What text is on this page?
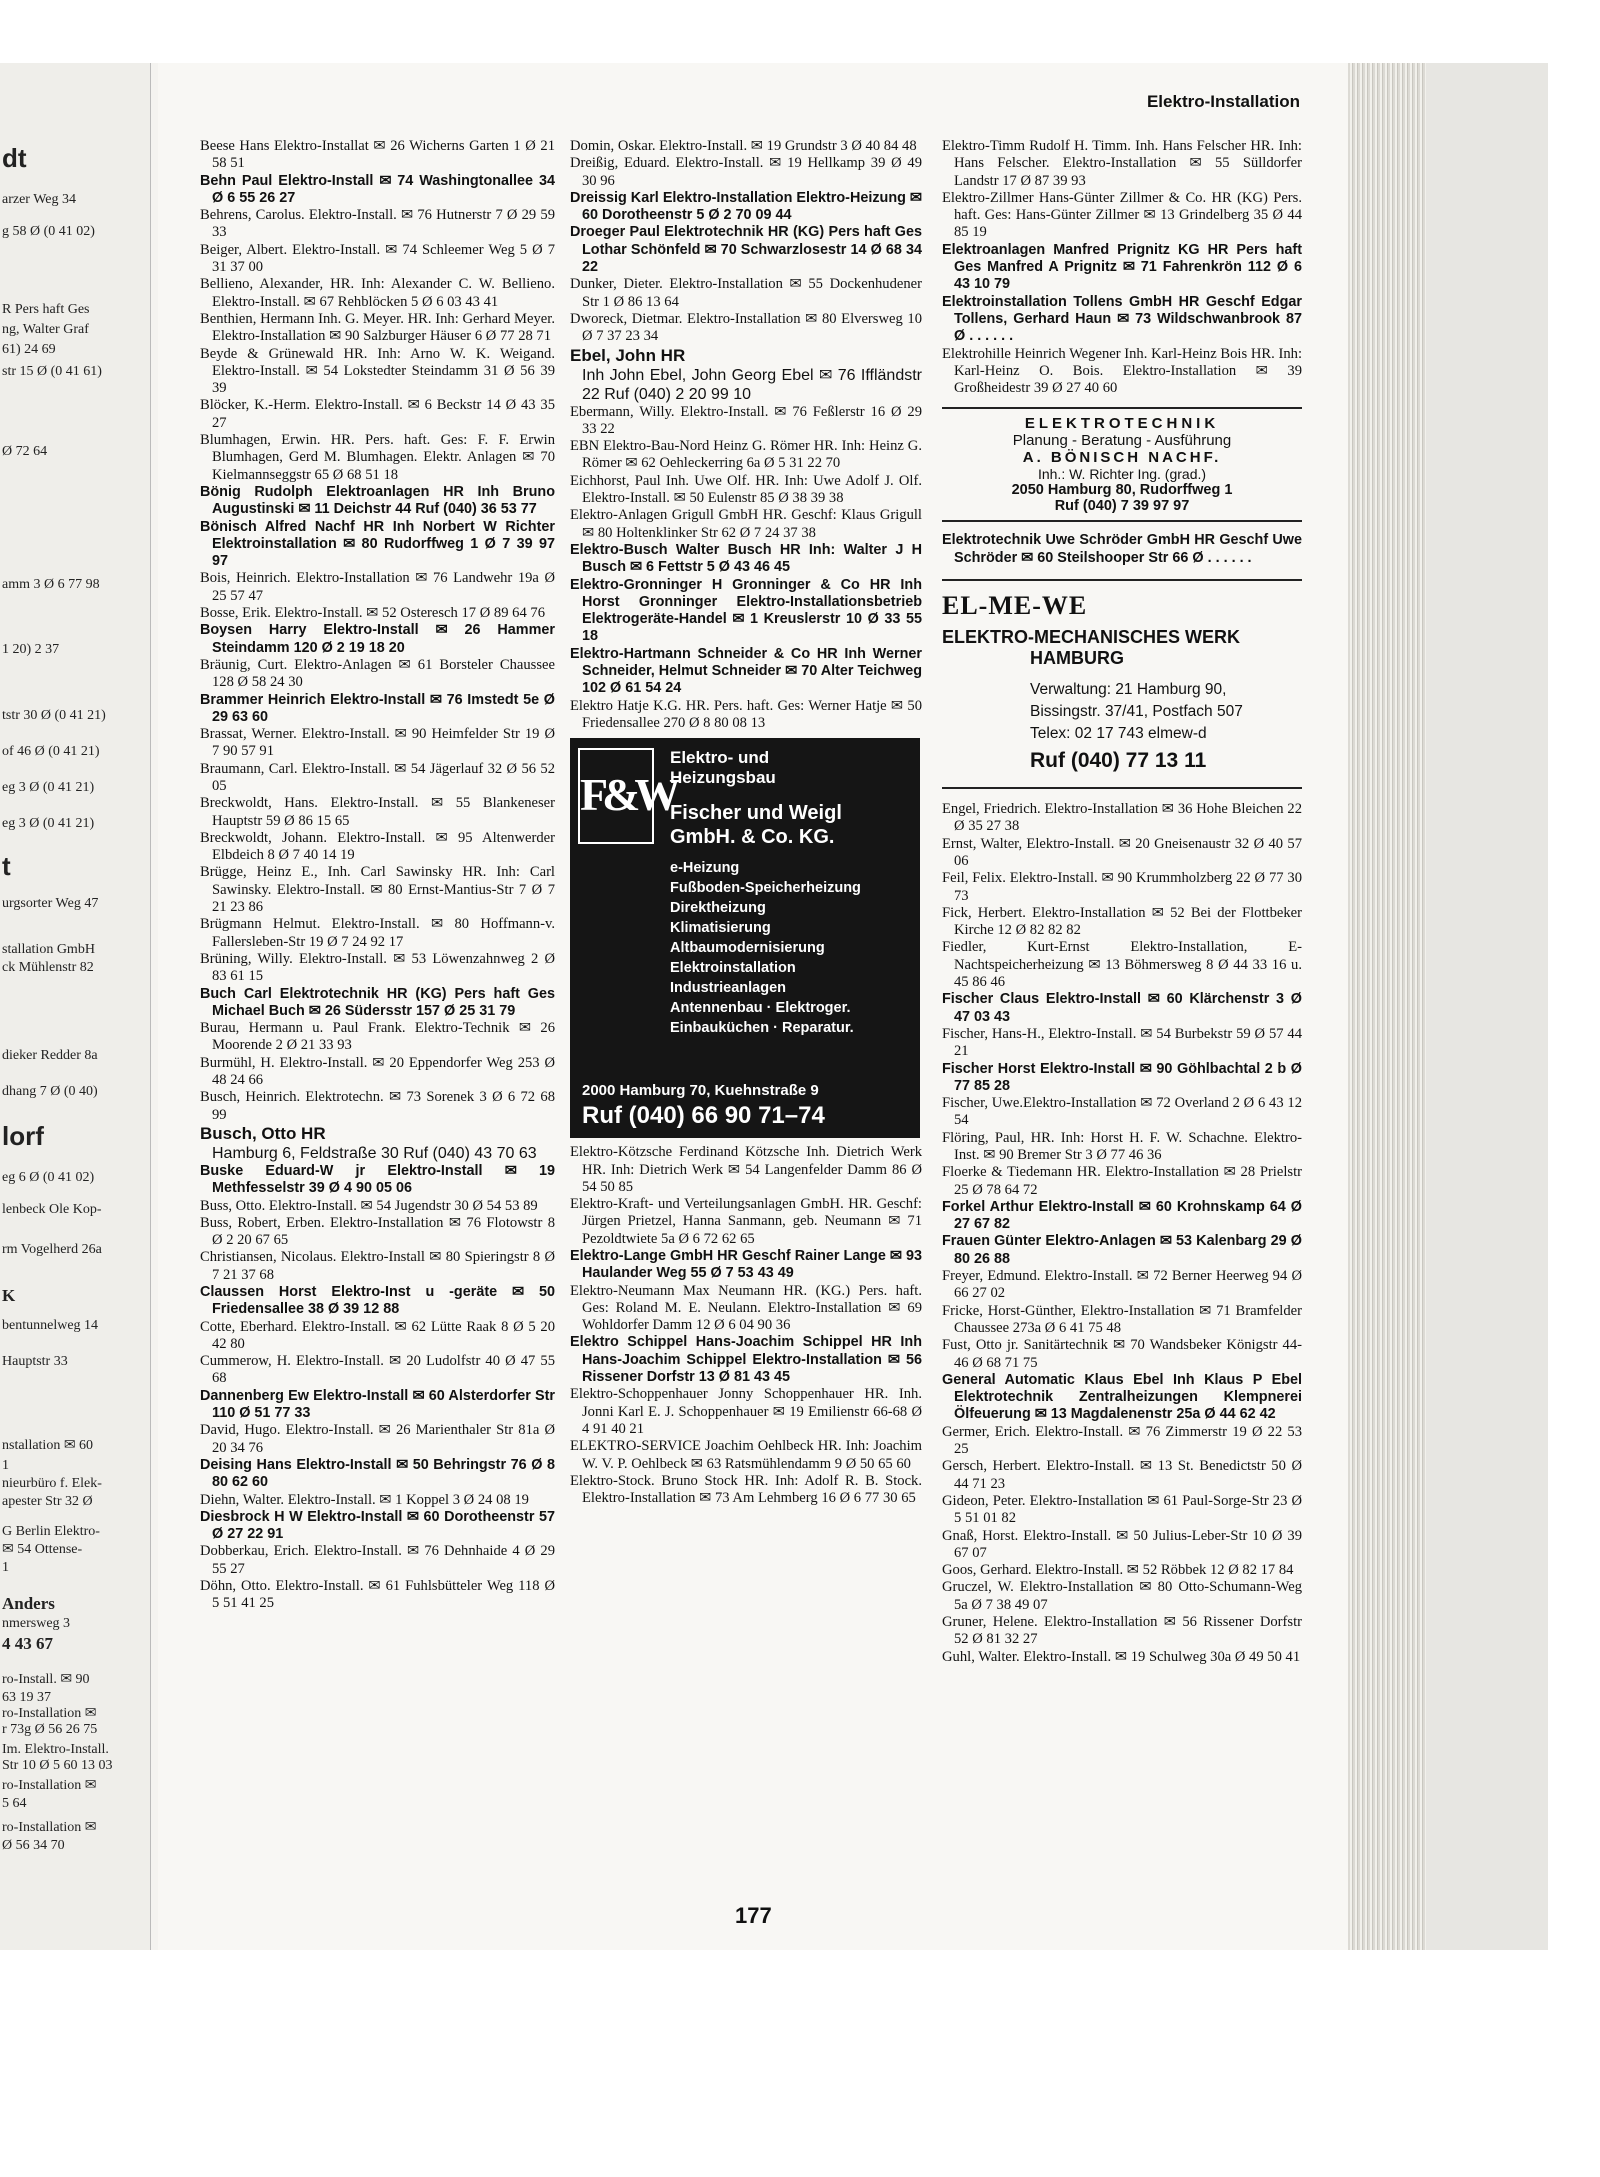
dt
arzer Weg 34
g 58 Ø (0 41 02)
R Pers haft Ges
ng, Walter Graf
61) 24 69
str 15 Ø (0 41 61)
Ø 72 64
amm 3 Ø 6 77 98
1 20) 2 37
tstr 30 Ø (0 41 21)
of 46 Ø (0 41 21)
eg 3 Ø (0 41 21)
eg 3 Ø (0 41 21)
t
urgsorter Weg 47
stallation GmbH
ck Mühlenstr 82
dieker Redder 8a
dhang 7 Ø (0 40)
lorf
eg 6 Ø (0 41 02)
lenbeck Ole Kop-
rm Vogelherd 26a
K
bentunnelweg 14
Hauptstr 33
nstallation ✉ 60
1
nieurbüro f. Elek-
apester Str 32 Ø
G Berlin Elektro-
✉ 54 Ottense-
1
Anders
nmersweg 3
4 43 67
ro-Install. ✉ 90
63 19 37
ro-Installation ✉
r 73g Ø 56 26 75
Im. Elektro-Install.
Str 10 Ø 5 60 13 03
ro-Installation ✉
5 64
ro-Installation ✉
Ø 56 34 70
Elektro-Installation
Beese Hans Elektro-Installat ✉ 26 Wicherns Garten 1 Ø 21 58 51
Behn Paul Elektro-Install ✉ 74 Washingtonallee 34 Ø 6 55 26 27
Behrens, Carolus. Elektro-Install. ✉ 76 Hutnerstr 7 Ø 29 59 33
Beiger, Albert. Elektro-Install. ✉ 74 Schleemer Weg 5 Ø 7 31 37 00
Bellieno, Alexander, HR. Inh: Alexander C. W. Bellieno. Elektro-Install. ✉ 67 Rehblöcken 5 Ø 6 03 43 41
Benthien, Hermann Inh. G. Meyer. HR. Inh: Gerhard Meyer. Elektro-Installation ✉ 90 Salzburger Häuser 6 Ø 77 28 71
Beyde & Grünewald HR. Inh: Arno W. K. Weigand. Elektro-Install. ✉ 54 Lokstedter Steindamm 31 Ø 56 39 39
Blöcker, K.-Herm. Elektro-Install. ✉ 6 Beckstr 14 Ø 43 35 27
Blumhagen, Erwin. HR. Pers. haft. Ges: F. F. Erwin Blumhagen, Gerd M. Blumhagen. Elektr. Anlagen ✉ 70 Kielmannseggstr 65 Ø 68 51 18
Bönig Rudolph Elektroanlagen HR Inh Bruno Augustinski ✉ 11 Deichstr 44 Ruf (040) 36 53 77
Bönisch Alfred Nachf HR Inh Norbert W Richter Elektroinstallation ✉ 80 Rudorffweg 1 Ø 7 39 97 97
Bois, Heinrich. Elektro-Installation ✉ 76 Landwehr 19a Ø 25 57 47
Bosse, Erik. Elektro-Install. ✉ 52 Osteresch 17 Ø 89 64 76
Boysen Harry Elektro-Install ✉ 26 Hammer Steindamm 120 Ø 2 19 18 20
Bräunig, Curt. Elektro-Anlagen ✉ 61 Borsteler Chaussee 128 Ø 58 24 30
Brammer Heinrich Elektro-Install ✉ 76 Imstedt 5e Ø 29 63 60
Brassat, Werner. Elektro-Install. ✉ 90 Heimfelder Str 19 Ø 7 90 57 91
Braumann, Carl. Elektro-Install. ✉ 54 Jägerlauf 32 Ø 56 52 05
Breckwoldt, Hans. Elektro-Install. ✉ 55 Blankeneser Hauptstr 59 Ø 86 15 65
Breckwoldt, Johann. Elektro-Install. ✉ 95 Altenwerder Elbdeich 8 Ø 7 40 14 19
Brügge, Heinz E., Inh. Carl Sawinsky HR. Inh: Carl Sawinsky. Elektro-Install. ✉ 80 Ernst-Mantius-Str 7 Ø 7 21 23 86
Brügmann Helmut. Elektro-Install. ✉ 80 Hoffmann-v. Fallersleben-Str 19 Ø 7 24 92 17
Brüning, Willy. Elektro-Install. ✉ 53 Löwenzahnweg 2 Ø 83 61 15
Buch Carl Elektrotechnik HR (KG) Pers haft Ges Michael Buch ✉ 26 Südersstr 157 Ø 25 31 79
Burau, Hermann u. Paul Frank. Elektro-Technik ✉ 26 Moorende 2 Ø 21 33 93
Burmühl, H. Elektro-Install. ✉ 20 Eppendorfer Weg 253 Ø 48 24 66
Busch, Heinrich. Elektrotechn. ✉ 73 Sorenek 3 Ø 6 72 68 99
Busch, Otto HR
Hamburg 6, Feldstraße 30 Ruf (040) 43 70 63
Buske Eduard-W jr Elektro-Install ✉ 19 Methfesselstr 39 Ø 4 90 05 06
Buss, Otto. Elektro-Install. ✉ 54 Jugendstr 30 Ø 54 53 89
Buss, Robert, Erben. Elektro-Installation ✉ 76 Flotowstr 8 Ø 2 20 67 65
Christiansen, Nicolaus. Elektro-Install ✉ 80 Spieringstr 8 Ø 7 21 37 68
Claussen Horst Elektro-Inst u -geräte ✉ 50 Friedensallee 38 Ø 39 12 88
Cotte, Eberhard. Elektro-Install. ✉ 62 Lütte Raak 8 Ø 5 20 42 80
Cummerow, H. Elektro-Install. ✉ 20 Ludolfstr 40 Ø 47 55 68
Dannenberg Ew Elektro-Install ✉ 60 Alsterdorfer Str 110 Ø 51 77 33
David, Hugo. Elektro-Install. ✉ 26 Marienthaler Str 81a Ø 20 34 76
Deising Hans Elektro-Install ✉ 50 Behringstr 76 Ø 8 80 62 60
Diehn, Walter. Elektro-Install. ✉ 1 Koppel 3 Ø 24 08 19
Diesbrock H W Elektro-Install ✉ 60 Dorotheenstr 57 Ø 27 22 91
Dobberkau, Erich. Elektro-Install. ✉ 76 Dehnhaide 4 Ø 29 55 27
Döhn, Otto. Elektro-Install. ✉ 61 Fuhlsbütteler Weg 118 Ø 5 51 41 25
Domin, Oskar. Elektro-Install. ✉ 19 Grundstr 3 Ø 40 84 48
Dreißig, Eduard. Elektro-Install. ✉ 19 Hellkamp 39 Ø 49 30 96
Dreissig Karl Elektro-Installation Elektro-Heizung ✉ 60 Dorotheenstr 5 Ø 2 70 09 44
Droeger Paul Elektrotechnik HR (KG) Pers haft Ges Lothar Schönfeld ✉ 70 Schwarzlosestr 14 Ø 68 34 22
Dunker, Dieter. Elektro-Installation ✉ 55 Dockenhudener Str 1 Ø 86 13 64
Dworeck, Dietmar. Elektro-Installation ✉ 80 Elversweg 10 Ø 7 37 23 34
Ebel, John HR
Inh John Ebel, John Georg Ebel ✉ 76 Iffländstr 22 Ruf (040) 2 20 99 10
Ebermann, Willy. Elektro-Install. ✉ 76 Feßlerstr 16 Ø 29 33 22
EBN Elektro-Bau-Nord Heinz G. Römer HR. Inh: Heinz G. Römer ✉ 62 Oehleckerring 6a Ø 5 31 22 70
Eichhorst, Paul Inh. Uwe Olf. HR. Inh: Uwe Adolf J. Olf. Elektro-Install. ✉ 50 Eulenstr 85 Ø 38 39 38
Elektro-Anlagen Grigull GmbH HR. Geschf: Klaus Grigull ✉ 80 Holtenklinker Str 62 Ø 7 24 37 38
Elektro-Busch Walter Busch HR Inh: Walter J H Busch ✉ 6 Fettstr 5 Ø 43 46 45
Elektro-Gronninger H Gronninger & Co HR Inh Horst Gronninger Elektro-Installationsbetrieb Elektrogeräte-Handel ✉ 1 Kreuslerstr 10 Ø 33 55 18
Elektro-Hartmann Schneider & Co HR Inh Werner Schneider, Helmut Schneider ✉ 70 Alter Teichweg 102 Ø 61 54 24
Elektro Hatje K.G. HR. Pers. haft. Ges: Werner Hatje ✉ 50 Friedensallee 270 Ø 8 80 08 13
F&W
Elektro- und
Heizungsbau
Fischer und Weigl
GmbH. & Co. KG.
e-Heizung
Fußboden-Speicherheizung
Direktheizung
Klimatisierung
Altbaumodernisierung
Elektroinstallation
Industrieanlagen
Antennenbau · Elektroger.
Einbauküchen · Reparatur.
2000 Hamburg 70, Kuehnstraße 9
Ruf (040) 66 90 71–74
Elektro-Kötzsche Ferdinand Kötzsche Inh. Dietrich Werk HR. Inh: Dietrich Werk ✉ 54 Langenfelder Damm 86 Ø 54 50 85
Elektro-Kraft- und Verteilungsanlagen GmbH. HR. Geschf: Jürgen Prietzel, Hanna Sanmann, geb. Neumann ✉ 71 Pezoldtwiete 5a Ø 6 72 62 65
Elektro-Lange GmbH HR Geschf Rainer Lange ✉ 93 Haulander Weg 55 Ø 7 53 43 49
Elektro-Neumann Max Neumann HR. (KG.) Pers. haft. Ges: Roland M. E. Neulann. Elektro-Installation ✉ 69 Wohldorfer Damm 12 Ø 6 04 90 36
Elektro Schippel Hans-Joachim Schippel HR Inh Hans-Joachim Schippel Elektro-Installation ✉ 56 Rissener Dorfstr 13 Ø 81 43 45
Elektro-Schoppenhauer Jonny Schoppenhauer HR. Inh. Jonni Karl E. J. Schoppenhauer ✉ 19 Emilienstr 66-68 Ø 4 91 40 21
ELEKTRO-SERVICE Joachim Oehlbeck HR. Inh: Joachim W. V. P. Oehlbeck ✉ 63 Ratsmühlendamm 9 Ø 50 65 60
Elektro-Stock. Bruno Stock HR. Inh: Adolf R. B. Stock. Elektro-Installation ✉ 73 Am Lehmberg 16 Ø 6 77 30 65
Elektro-Timm Rudolf H. Timm. Inh. Hans Felscher HR. Inh: Hans Felscher. Elektro-Installation ✉ 55 Sülldorfer Landstr 17 Ø 87 39 93
Elektro-Zillmer Hans-Günter Zillmer & Co. HR (KG) Pers. haft. Ges: Hans-Günter Zillmer ✉ 13 Grindelberg 35 Ø 44 85 19
Elektroanlagen Manfred Prignitz KG HR Pers haft Ges Manfred A Prignitz ✉ 71 Fahrenkrön 112 Ø 6 43 10 79
Elektroinstallation Tollens GmbH HR Geschf Edgar Tollens, Gerhard Haun ✉ 73 Wildschwanbrook 87 Ø . . . . . .
Elektrohille Heinrich Wegener Inh. Karl-Heinz Bois HR. Inh: Karl-Heinz O. Bois. Elektro-Installation ✉ 39 Großheidestr 39 Ø 27 40 60
ELEKTROTECHNIK
Planung - Beratung - Ausführung
A. BÖNISCH NACHF.
Inh.: W. Richter Ing. (grad.)
2050 Hamburg 80, Rudorffweg 1
Ruf (040) 7 39 97 97
Elektrotechnik Uwe Schröder GmbH HR Geschf Uwe Schröder ✉ 60 Steilshooper Str 66 Ø . . . . . .
EL-ME-WE
ELEKTRO-MECHANISCHES WERK
HAMBURG
Verwaltung: 21 Hamburg 90,
Bissingstr. 37/41, Postfach 507
Telex: 02 17 743 elmew-d
Ruf (040) 77 13 11
Engel, Friedrich. Elektro-Installation ✉ 36 Hohe Bleichen 22 Ø 35 27 38
Ernst, Walter, Elektro-Install. ✉ 20 Gneisenaustr 32 Ø 40 57 06
Feil, Felix. Elektro-Install. ✉ 90 Krummholzberg 22 Ø 77 30 73
Fick, Herbert. Elektro-Installation ✉ 52 Bei der Flottbeker Kirche 12 Ø 82 82 82
Fiedler, Kurt-Ernst Elektro-Installation, E-Nachtspeicherheizung ✉ 13 Böhmersweg 8 Ø 44 33 16 u. 45 86 46
Fischer Claus Elektro-Install ✉ 60 Klärchenstr 3 Ø 47 03 43
Fischer, Hans-H., Elektro-Install. ✉ 54 Burbekstr 59 Ø 57 44 21
Fischer Horst Elektro-Install ✉ 90 Göhlbachtal 2 b Ø 77 85 28
Fischer, Uwe.Elektro-Installation ✉ 72 Overland 2 Ø 6 43 12 54
Flöring, Paul, HR. Inh: Horst H. F. W. Schachne. Elektro-Inst. ✉ 90 Bremer Str 3 Ø 77 46 36
Floerke & Tiedemann HR. Elektro-Installation ✉ 28 Prielstr 25 Ø 78 64 72
Forkel Arthur Elektro-Install ✉ 60 Krohnskamp 64 Ø 27 67 82
Frauen Günter Elektro-Anlagen ✉ 53 Kalenbarg 29 Ø 80 26 88
Freyer, Edmund. Elektro-Install. ✉ 72 Berner Heerweg 94 Ø 66 27 02
Fricke, Horst-Günther, Elektro-Installation ✉ 71 Bramfelder Chaussee 273a Ø 6 41 75 48
Fust, Otto jr. Sanitärtechnik ✉ 70 Wandsbeker Königstr 44-46 Ø 68 71 75
General Automatic Klaus Ebel Inh Klaus P Ebel Elektrotechnik Zentralheizungen Klempnerei Ölfeuerung ✉ 13 Magdalenenstr 25a Ø 44 62 42
Germer, Erich. Elektro-Install. ✉ 76 Zimmerstr 19 Ø 22 53 25
Gersch, Herbert. Elektro-Install. ✉ 13 St. Benedictstr 50 Ø 44 71 23
Gideon, Peter. Elektro-Installation ✉ 61 Paul-Sorge-Str 23 Ø 5 51 01 82
Gnaß, Horst. Elektro-Install. ✉ 50 Julius-Leber-Str 10 Ø 39 67 07
Goos, Gerhard. Elektro-Install. ✉ 52 Röbbek 12 Ø 82 17 84
Gruczel, W. Elektro-Installation ✉ 80 Otto-Schumann-Weg 5a Ø 7 38 49 07
Gruner, Helene. Elektro-Installation ✉ 56 Rissener Dorfstr 52 Ø 81 32 27
Guhl, Walter. Elektro-Install. ✉ 19 Schulweg 30a Ø 49 50 41
177
